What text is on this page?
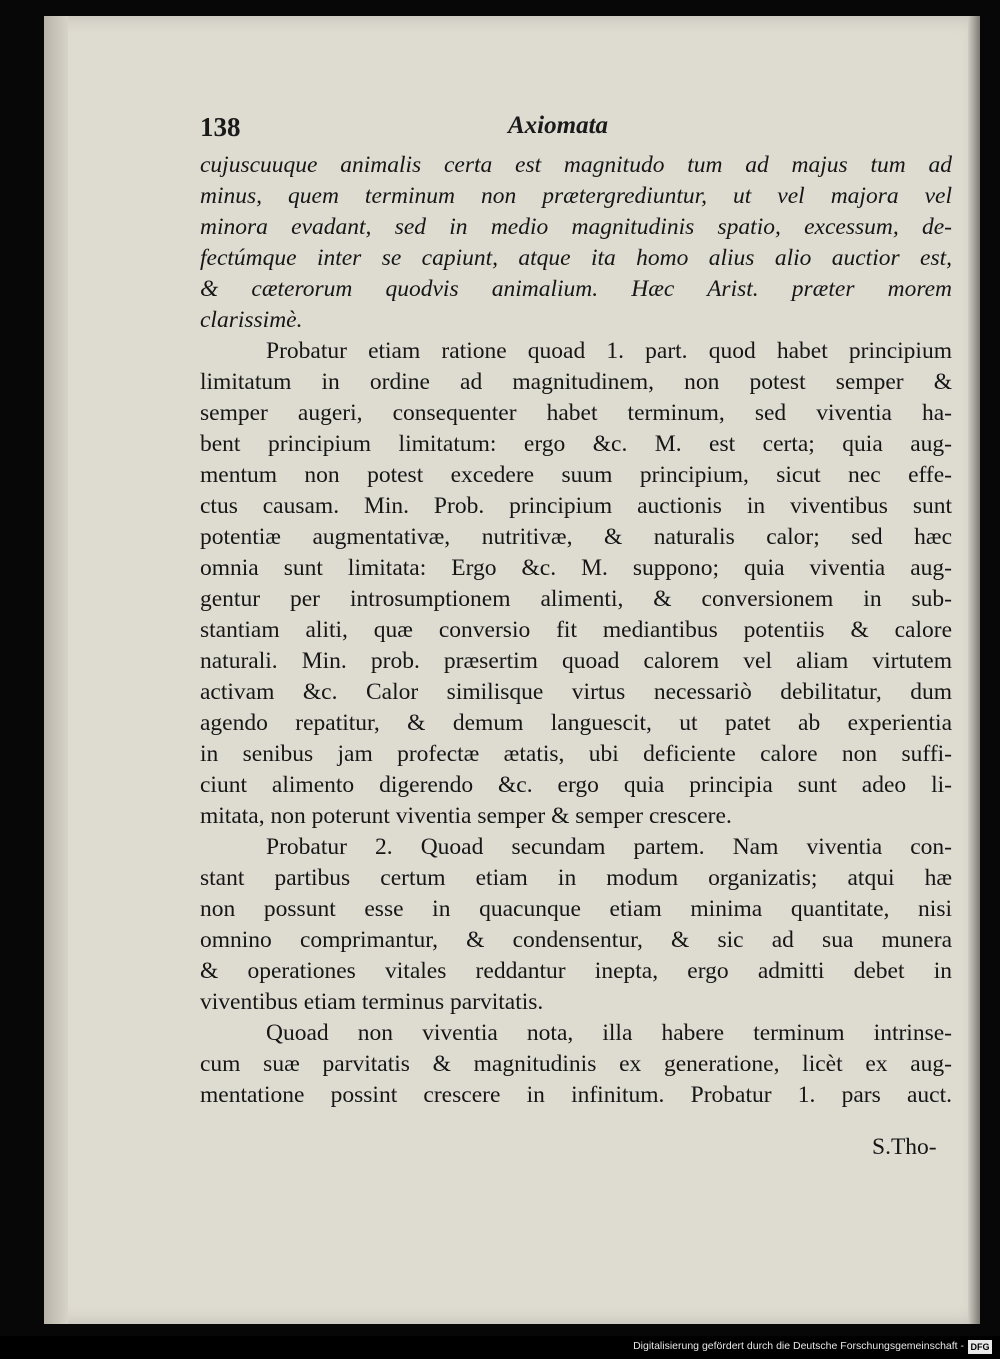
138	Axiomata
cujuscuuque animalis certa est magnitudo tum ad majus tum ad
minus, quem terminum non prætergrediuntur, ut vel majora vel
minora evadant, sed in medio magnitudinis spatio, excessum, de-
fectúmque inter se capiunt, atque ita homo alius alio auctior est,
& cæterorum quodvis animalium. Hæc Arist. præter morem
clarissimè.
Probatur etiam ratione quoad 1. part. quod habet principium
limitatum in ordine ad magnitudinem, non potest semper &
semper augeri, consequenter habet terminum, sed viventia ha-
bent principium limitatum: ergo &c. M. est certa; quia aug-
mentum non potest excedere suum principium, sicut nec effe-
ctus causam. Min. Prob. principium auctionis in viventibus sunt
potentiæ augmentativæ, nutritivæ, & naturalis calor; sed hæc
omnia sunt limitata: Ergo &c. M. suppono; quia viventia aug-
gentur per introsumptionem alimenti, & conversionem in sub-
stantiam aliti, quæ conversio fit mediantibus potentiis & calore
naturali. Min. prob. præsertim quoad calorem vel aliam virtutem
activam &c. Calor similisque virtus necessariò debilitatur, dum
agendo repatitur, & demum languescit, ut patet ab experientia
in senibus jam profectæ ætatis, ubi deficiente calore non suffi-
ciunt alimento digerendo &c. ergo quia principia sunt adeo li-
mitata, non poterunt viventia semper & semper crescere.
Probatur 2. Quoad secundam partem. Nam viventia con-
stant partibus certum etiam in modum organizatis; atqui hæ
non possunt esse in quacunque etiam minima quantitate, nisi
omnino comprimantur, & condensentur, & sic ad sua munera
& operationes vitales reddantur inepta, ergo admitti debet in
viventibus etiam terminus parvitatis.
Quoad non viventia nota, illa habere terminum intrinse-
cum suæ parvitatis & magnitudinis ex generatione, licèt ex aug-
mentatione possint crescere in infinitum. Probatur 1. pars auct.
S.Tho-
Digitalisierung gefördert durch die Deutsche Forschungsgemeinschaft - DFG
